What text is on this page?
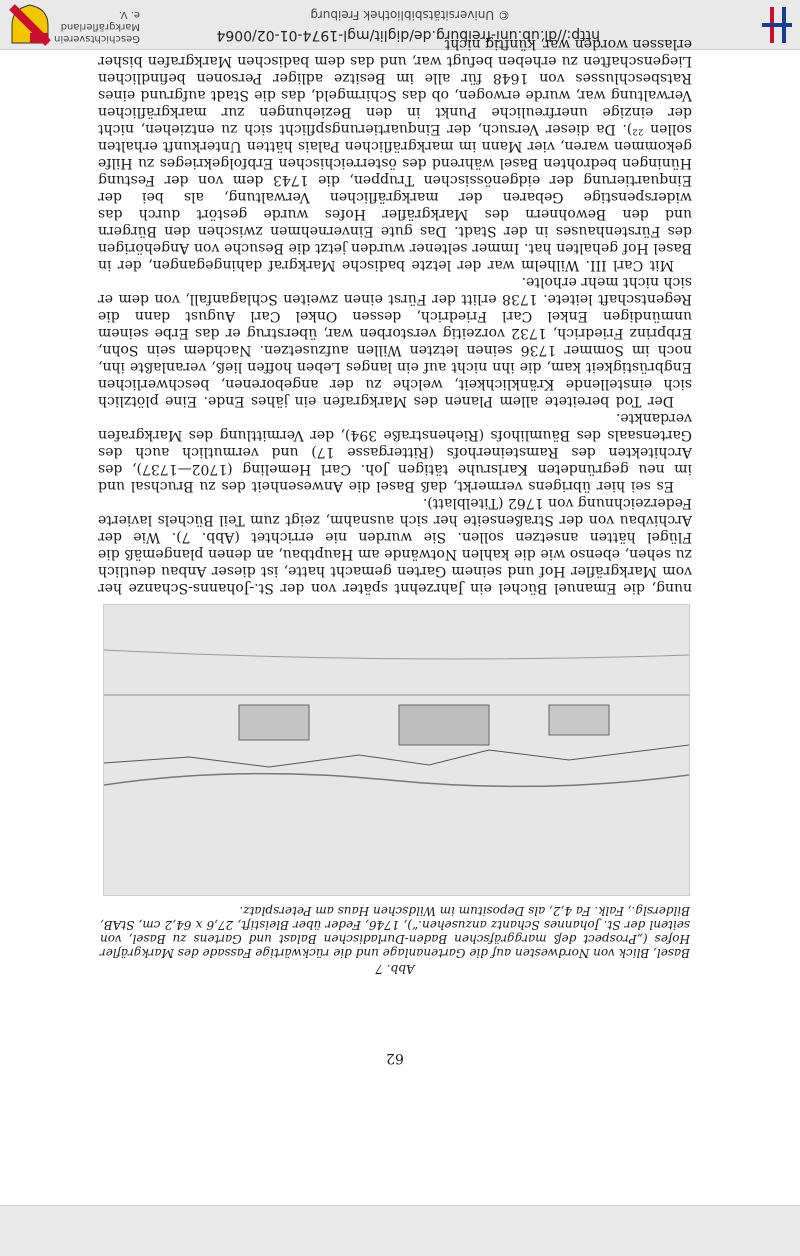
http://dl.ub.uni-freiburg.de/diglit/mgl-1974-01-02/0064
© Universitätsbibliothek Freiburg
Geschichtsverein Markgräflerland e. V.
62

nung, die Emanuel Büchel ein Jahrzehnt später von der St.-Johanns-Schanze her vom Markgräfler Hof und seinem Garten gemacht hatte, ist dieser Anbau deutlich zu sehen, ebenso wie die kahlen Notwände am Hauptbau, an denen plangemäß die Flügel hätten ansetzen sollen. Sie wurden nie errichtet (Abb. 7). Wie der Archivbau von der Straßenseite her sich ausnahm, zeigt zum Teil Büchels lavierte Federzeichnung von 1762 (Titelblatt).

Es sei hier übrigens vermerkt, daß Basel die Anwesenheit des zu Bruchsal und im neu gegründeten Karlsruhe tätigen Joh. Carl Hemeling (1702—1737), des Architekten des Ramsteinerhofs (Rittergasse 17) und vermutlich auch des Gartensaals des Bäumlihofs (Riehenstraße 394), der Vermittlung des Markgrafen verdankte.

Der Tod bereitete allem Planen des Markgrafen ein jähes Ende. Eine plötzlich sich einstellende Kränklichkeit, welche zu der angeborenen, beschwerlichen Engbrüstigkeit kam, die ihn nicht auf ein langes Leben hoffen ließ, veranlaßte ihn, noch im Sommer 1736 seinen letzten Willen aufzusetzen. Nachdem sein Sohn, Erbprinz Friedrich, 1732 vorzeitig verstorben war, überstrug er das Erbe seinem unmündigen Enkel Carl Friedrich, dessen Onkel Carl August dann die Regentschaft leitete. 1738 erlitt der Fürst einen zweiten Schlaganfall, von dem er sich nicht mehr erholte.

Mit Carl III. Wilhelm war der letzte badische Markgraf dahingegangen, der in Basel Hof gehalten hat. Immer seltener wurden jetzt die Besuche von Angehörigen des Fürstenhauses in der Stadt. Das gute Einvernehmen zwischen den Bürgern und den Bewohnern des Markgräfler Hofes wurde gestört durch das widerspenstige Gebaren der markgräflichen Verwaltung, als bei der Einquartierung der eidgenössischen Truppen, die 1743 dem von der Festung Hüningen bedrohten Basel während des österreichischen Erbfolgekrieges zu Hilfe gekommen waren, vier Mann im markgräflichen Palais hätten Unterkunft erhalten sollen ²²). Da dieser Versuch, der Einquartierungspflicht sich zu entziehen, nicht der einzige unerfreuliche Punkt in den Beziehungen zur markgräflichen Verwaltung war, wurde erwogen, ob das Schirmgeld, das die Stadt aufgrund eines Ratsbeschlusses von 1648 für alle im Besitze adliger Personen befindlichen Liegenschaften zu erheben befugt war, und das dem badischen Markgrafen bisher erlassen worden war, künftig nicht

Abb. 7
Basel, Blick von Nordwesten auf die Gartenanlage und die rückwärtige Fassade des Markgräfler Hofes („Prospect deß marggräfschen Baden-Durladischen Balast und Gartens zu Basel, von seitenl der St. Johannes Schantz anzusehen.“), 1746, Feder über Bleistift, 27,6 x 64,2 cm, StAB, Bilderslg., Falk. Fa 4,2, als Depositum im Wildschen Haus am Petersplatz.
